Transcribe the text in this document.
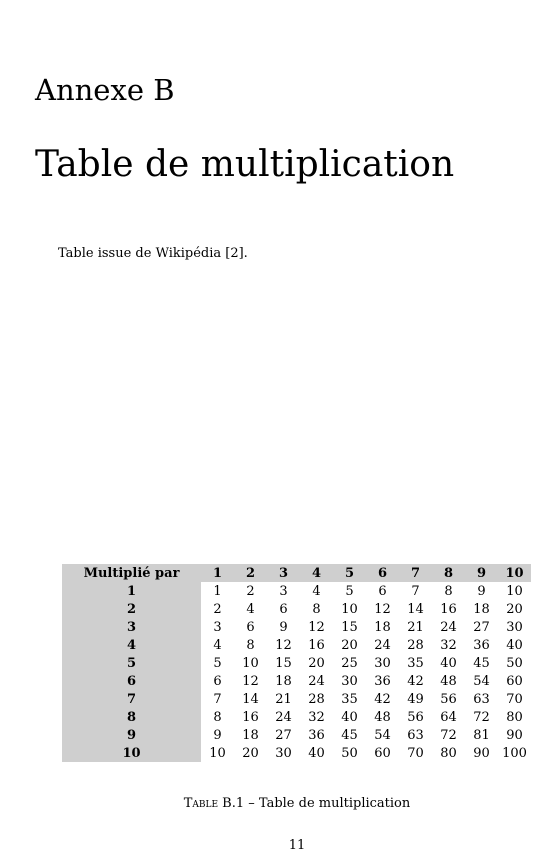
Annexe B
Table de multiplication
Table issue de Wikipédia [2].
Multiplié par	1	2	3	4	5	6	7	8	9	10
1	1	2	3	4	5	6	7	8	9	10
2	2	4	6	8	10	12	14	16	18	20
3	3	6	9	12	15	18	21	24	27	30
4	4	8	12	16	20	24	28	32	36	40
5	5	10	15	20	25	30	35	40	45	50
6	6	12	18	24	30	36	42	48	54	60
7	7	14	21	28	35	42	49	56	63	70
8	8	16	24	32	40	48	56	64	72	80
9	9	18	27	36	45	54	63	72	81	90
10	10	20	30	40	50	60	70	80	90	100
Table B.1 – Table de multiplication
11
